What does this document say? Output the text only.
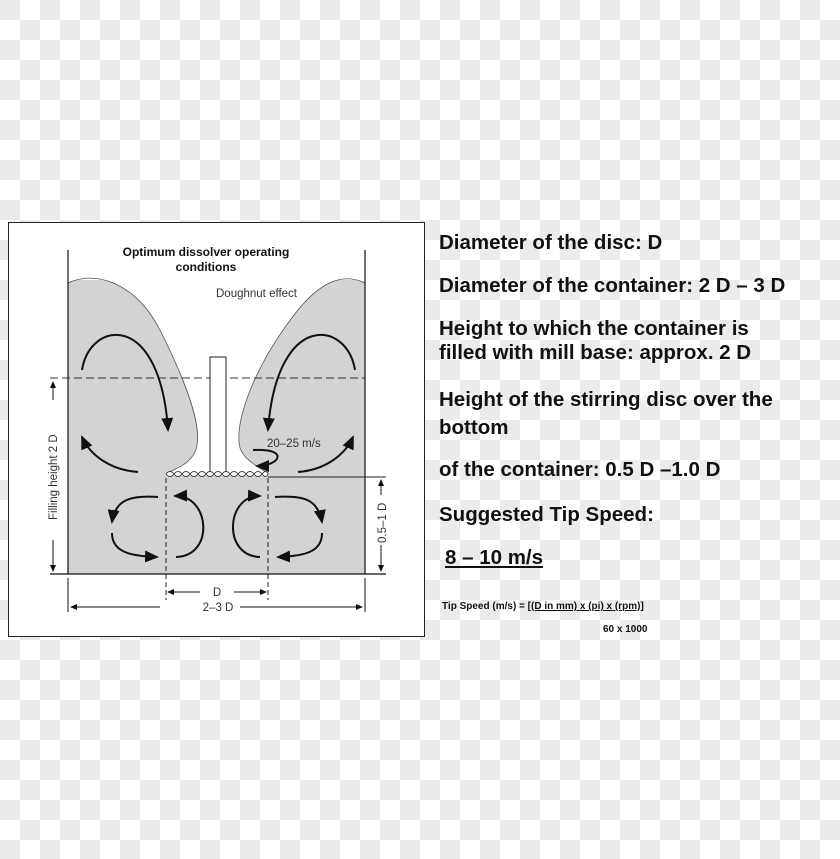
Optimum dissolver operating
conditions
Doughnut effect
20–25 m/s
Filling height 2 D
0.5–1 D
D
2–3 D
Diameter of the disc: D
Diameter of the container: 2 D – 3 D
Height to which the container is
filled with mill base: approx. 2 D
Height of the stirring disc over the
bottom
of the container: 0.5 D –1.0 D
Suggested Tip Speed:
8 – 10 m/s
Tip Speed (m/s) = [(D in mm) x (pi) x (rpm)]
60 x 1000
